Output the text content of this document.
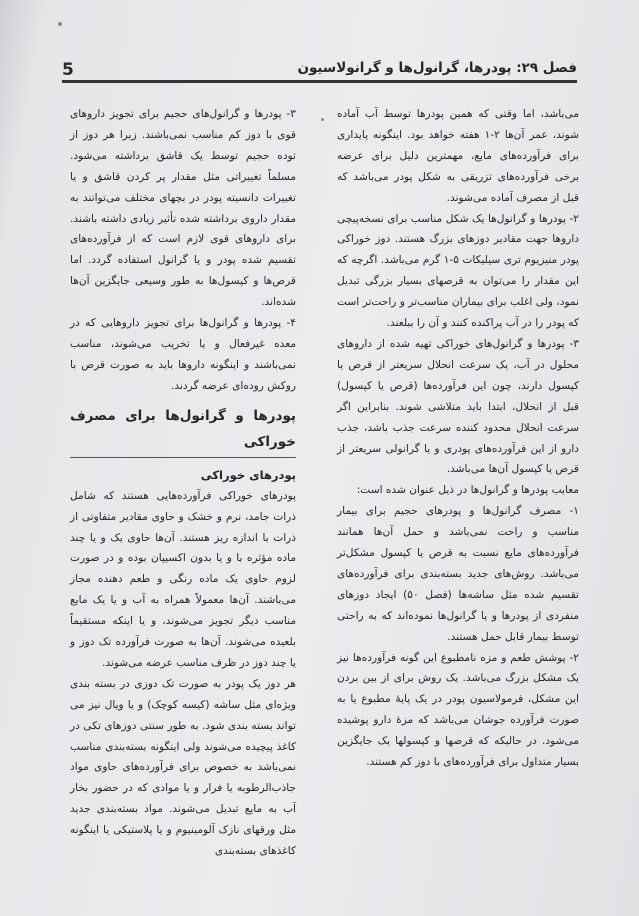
5	فصل ۲۹: پودرها، گرانول‌ها و گرانولاسیون

می‌باشد، اما وقتی که همین پودرها توسط آب آماده شوند، عمر آن‌ها ۲-۱ هفته خواهد بود. اینگونه پایداری برای فرآورده‌های مایع، مهمترین دلیل برای عرضه برخی فرآورده‌های تزریقی به شکل پودر می‌باشد که قبل از مصرف آماده می‌شوند.

۲- پودرها و گرانول‌ها یک شکل مناسب برای نسخه‌پیچی داروها جهت مقادیر دوزهای بزرگ هستند. دوز خوراکی پودر منیزیوم تری سیلیکات ۵-۱ گرم می‌باشد. اگرچه که این مقدار را می‌توان به قرصهای بسیار بزرگی تبدیل نمود، ولی اغلب برای بیماران مناسب‌تر و راحت‌تر است که پودر را در آب پراکنده کنند و آن را ببلعند.

۳- پودرها و گرانول‌های خوراکی تهیه شده از داروهای محلول در آب، یک سرعت انحلال سریعتر از قرص یا کپسول دارند، چون این فرآورده‌ها (قرص یا کپسول) قبل از انحلال، ابتدا باید متلاشی شوند. بنابراین اگر سرعت انحلال محدود کننده سرعت جذب باشد، جذب دارو از این فرآورده‌های پودری و یا گرانولی سریعتر از قرص یا کپسول آن‌ها می‌باشد.

معایب پودرها و گرانول‌ها در ذیل عنوان شده است:

۱- مصرف گرانول‌ها و پودرهای حجیم برای بیمار مناسب و راحت نمی‌باشد و حمل آن‌ها همانند فرآورده‌های مایع نسبت به قرص یا کپسول مشکل‌تر می‌باشد. روش‌های جدید بسته‌بندی برای فرآورده‌های تقسیم شده مثل ساشه‌ها (فصل ۵۰) ایجاد دوزهای منفردی از پودرها و یا گرانول‌ها نموده‌اند که به راحتی توسط بیمار قابل حمل هستند.

۲- پوشش طعم و مزه نامطبوع این گونه فرآورده‌ها نیز یک مشکل بزرگ می‌باشد. یک روش برای از بین بردن این مشکل، فرمولاسیون پودر در یک پایهٔ مطبوع یا به صورت فرآورده جوشان می‌باشد که مزهٔ دارو پوشیده می‌شود. در حالیکه که قرصها و کپسولها یک جایگزین بسیار متداول برای فرآورده‌های با دوز کم هستند.

۳- پودرها و گرانول‌های حجیم برای تجویز داروهای قوی با دوز کم مناسب نمی‌باشند. زیرا هر دوز از توده حجیم توسط یک قاشق برداشته می‌شود. مسلماً تغییراتی مثل مقدار پر کردن قاشق و یا تغییرات دانسیته پودر در بچهای مختلف می‌توانند به مقدار داروی برداشته شده تأثیر زیادی داشته باشند. برای داروهای قوی لازم است که از فرآورده‌های تقسیم شده پودر و یا گرانول استفاده گردد. اما قرص‌ها و کپسول‌ها به طور وسیعی جایگزین آن‌ها شده‌اند.

۴- پودرها و گرانول‌ها برای تجویز داروهایی که در معده غیرفعال و یا تخریب می‌شوند، مناسب نمی‌باشند و اینگونه داروها باید به صورت قرص با روکش روده‌ای عرضه گردند.

پودرها و گرانول‌ها برای مصرف خوراکی
پودرهای خوراکی

پودرهای خوراکی فرآورده‌هایی هستند که شامل ذرات جامد، نرم و خشک و حاوی مقادیر متفاوتی از ذرات با اندازه ریز هستند. آن‌ها حاوی یک و یا چند ماده مؤثره با و یا بدون اکسیپان بوده و در صورت لزوم حاوی یک ماده رنگی و طعم دهنده مجاز می‌باشند. آن‌ها معمولاً همراه به آب و یا یک مایع مناسب دیگر تجویز می‌شوند، و یا اینکه مستقیماً بلعیده می‌شوند. آن‌ها به صورت فرآورده تک دوز و یا چند دوز در ظرف مناسب عرضه می‌شوند.

هر دوز یک پودر به صورت تک دوزی در بسته بندی ویژه‌ای مثل ساشه (کیسه کوچک) و یا ویال نیز می تواند بسته بندی شود. به طور سنتی دوزهای تکی در کاغذ پیچیده می‌شوند ولی اینگونه بسته‌بندی مناسب نمی‌باشد به خصوص برای فرآورده‌های حاوی مواد جاذب‌الرطوبه یا فرار و یا موادی که در حضور بخار آب به مایع تبدیل می‌شوند. مواد بسته‌بندی جدید مثل ورقهای نازک آلومینیوم و یا پلاستیکی یا اینگونه کاغذهای بسته‌بندی
